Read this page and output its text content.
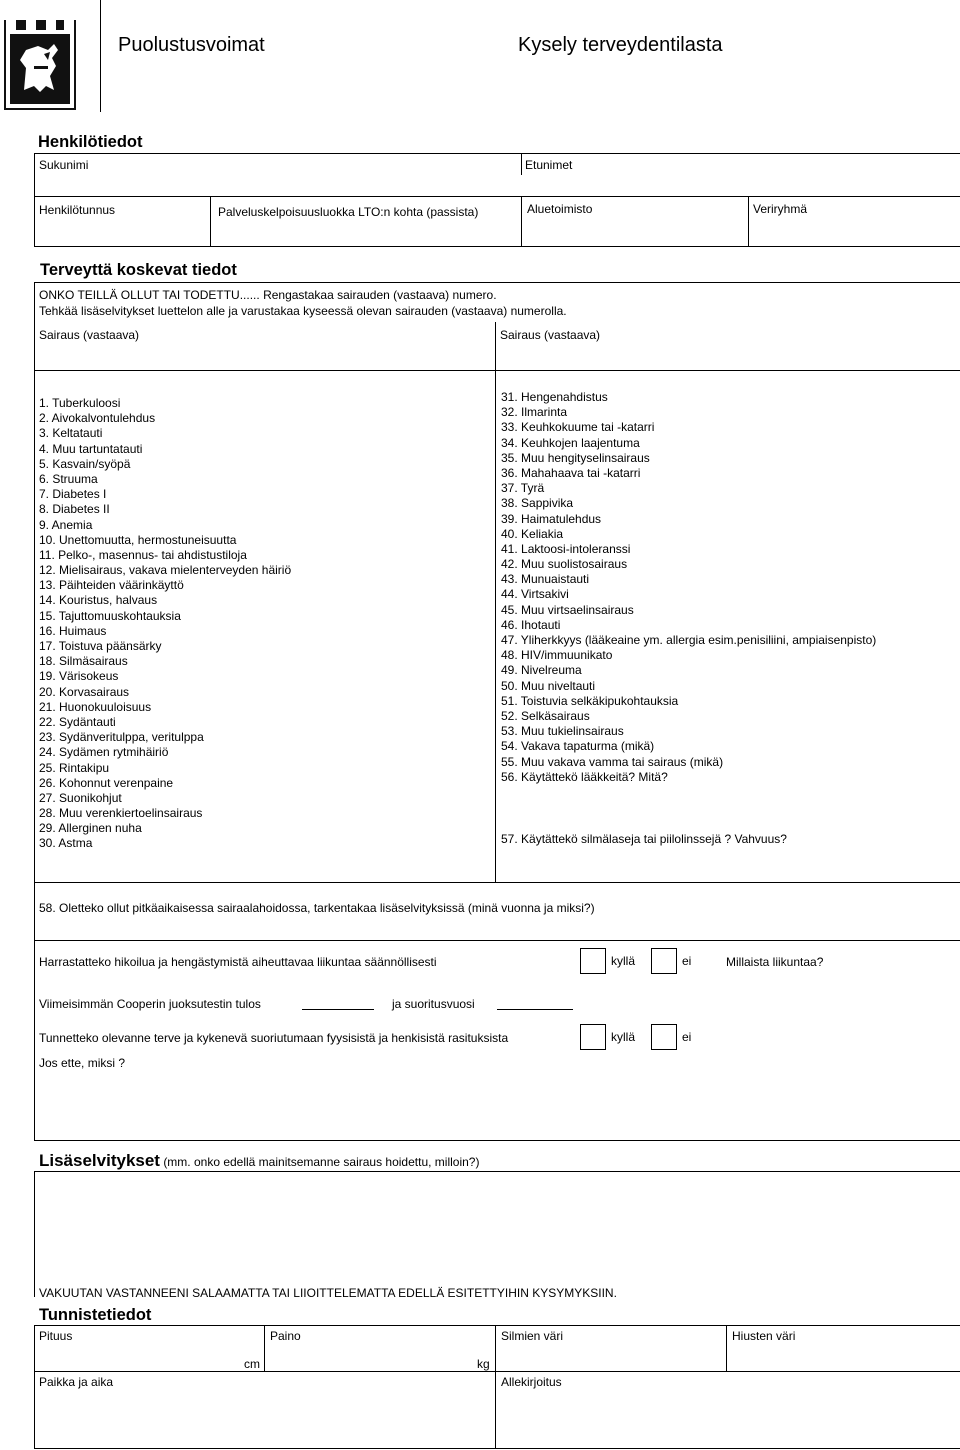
Puolustusvoimat	Kysely terveydentilasta
Henkilötiedot
Sukunimi	Etunimet
Henkilötunnus	Palveluskelpoisuusluokka LTO:n kohta (passista)	Aluetoimisto	Veriryhmä
Terveyttä koskevat tiedot
ONKO TEILLÄ OLLUT TAI TODETTU...... Rengastakaa sairauden (vastaava) numero.
Tehkää lisäselvitykset luettelon alle ja varustakaa kyseessä olevan sairauden (vastaava) numerolla.
Sairaus (vastaava)	Sairaus (vastaava)
1. Tuberkuloosi
2. Aivokalvontulehdus
3. Keltatauti
4. Muu tartuntatauti
5. Kasvain/syöpä
6. Struuma
7. Diabetes I
8. Diabetes II
9. Anemia
10. Unettomuutta, hermostuneisuutta
11. Pelko-, masennus- tai ahdistustiloja
12. Mielisairaus, vakava mielenterveyden häiriö
13. Päihteiden väärinkäyttö
14. Kouristus, halvaus
15. Tajuttomuuskohtauksia
16. Huimaus
17. Toistuva päänsärky
18. Silmäsairaus
19. Värisokeus
20. Korvasairaus
21. Huonokuuloisuus
22. Sydäntauti
23. Sydänveritulppa, veritulppa
24. Sydämen rytmihäiriö
25. Rintakipu
26. Kohonnut verenpaine
27. Suonikohjut
28. Muu verenkiertoelinsairaus
29. Allerginen nuha
30. Astma
31. Hengenahdistus
32. Ilmarinta
33. Keuhkokuume tai -katarri
34. Keuhkojen laajentuma
35. Muu hengityselinsairaus
36. Mahahaava tai -katarri
37. Tyrä
38. Sappivika
39. Haimatulehdus
40. Keliakia
41. Laktoosi-intoleranssi
42. Muu suolistosairaus
43. Munuaistauti
44. Virtsakivi
45. Muu virtsaelinsairaus
46. Ihotauti
47. Yliherkkyys (lääkeaine ym. allergia esim.penisiliini, ampiaisenpisto)
48. HIV/immuunikato
49. Nivelreuma
50. Muu niveltauti
51. Toistuvia selkäkipukohtauksia
52. Selkäsairaus
53. Muu tukielinsairaus
54. Vakava tapaturma (mikä)
55. Muu vakava vamma tai sairaus (mikä)
56. Käytättekö lääkkeitä? Mitä?
57. Käytättekö silmälaseja tai piilolinssejä ? Vahvuus?
58. Oletteko ollut pitkäaikaisessa sairaalahoidossa, tarkentakaa lisäselvityksissä (minä vuonna ja miksi?)
Harrastatteko hikoilua ja hengästymistä aiheuttavaa liikuntaa säännöllisesti	kyllä	ei	Millaista liikuntaa?
Viimeisimmän Cooperin juoksutestin tulos	ja suoritusvuosi
Tunnetteko olevanne terve ja kykenevä suoriutumaan fyysisistä ja henkisistä rasituksista	kyllä	ei
Jos ette, miksi ?
Lisäselvitykset (mm. onko edellä mainitsemanne sairaus hoidettu, milloin?)
VAKUUTAN VASTANNEENI SALAAMATTA TAI LIIOITTELEMATTA EDELLÄ ESITETTYIHIN KYSYMYKSIIN.
Tunnistetiedot
Pituus	Paino	Silmien väri	Hiusten väri
cm	kg
Paikka ja aika	Allekirjoitus
